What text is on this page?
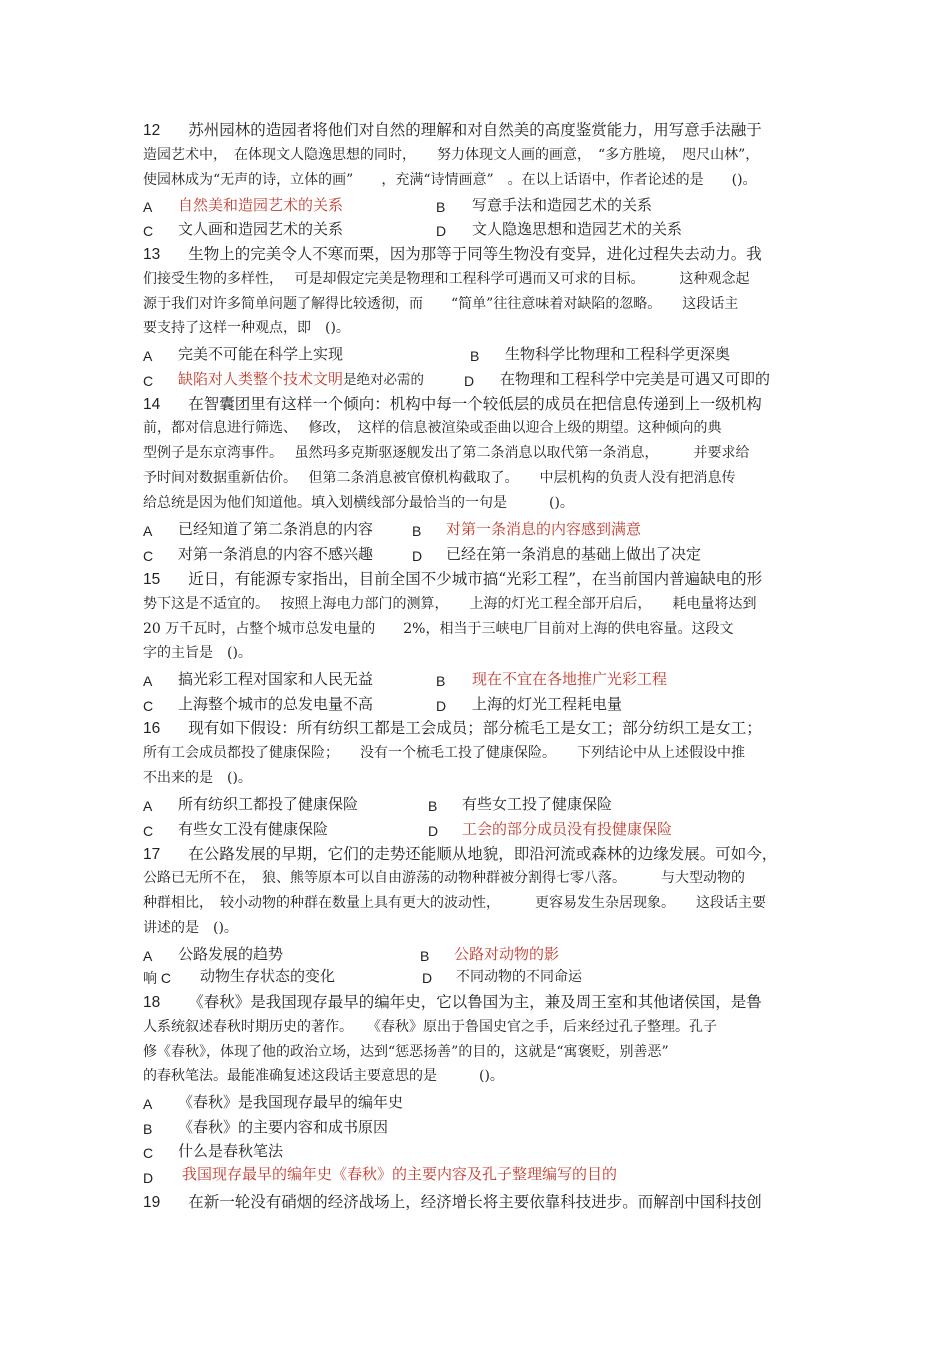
12 苏州园林的造园者将他们对自然的理解和对自然美的高度鉴赏能力，用写意手法融于
造园艺术中，　在体现文人隐逸思想的同时，　　努力体现文人画的画意，　“多方胜境，　咫尺山林”，
使园林成为“无声的诗，立体的画”　　，充满“诗情画意”　。在以上话语中，作者论述的是　　()。
A 自然美和造园艺术的关系	B 写意手法和造园艺术的关系
C 文人画和造园艺术的关系	D 文人隐逸思想和造园艺术的关系
13 生物上的完美令人不寒而栗，因为那等于同等生物没有变异，进化过程失去动力。我
们接受生物的多样性，　 可是却假定完美是物理和工程科学可遇而又可求的目标。　　　这种观念起
源于我们对许多简单问题了解得比较透彻，而　　“简单”往往意味着对缺陷的忽略。　　这段话主
要支持了这样一种观点，即　()。
A 完美不可能在科学上实现	B 生物科学比物理和工程科学更深奥
C 缺陷对人类整个技术文明是绝对必需的	D 在物理和工程科学中完美是可遇又可即的
14 在智囊团里有这样一个倾向：机构中每一个较低层的成员在把信息传递到上一级机构
前，都对信息进行筛选、　 修改，　这样的信息被渲染或歪曲以迎合上级的期望。这种倾向的典
型例子是东京湾事件。　 虽然玛多克斯驱逐舰发出了第二条消息以取代第一条消息，　　　并要求给
予时间对数据重新估价。　 但第二条消息被官僚机构截取了。　　中层机构的负责人没有把消息传
给总统是因为他们知道他。填入划横线部分最恰当的一句是　　　()。
A 已经知道了第二条消息的内容	B 对第一条消息的内容感到满意
C 对第一条消息的内容不感兴趣	D 已经在第一条消息的基础上做出了决定
15 近日，有能源专家指出，目前全国不少城市搞“光彩工程”，在当前国内普遍缺电的形
势下这是不适宜的。　 按照上海电力部门的测算，　　上海的灯光工程全部开启后，　　耗电量将达到
20 万千瓦时，占整个城市总发电量的　　2%，相当于三峡电厂目前对上海的供电容量。这段文
字的主旨是　()。
A 搞光彩工程对国家和人民无益	B 现在不宜在各地推广光彩工程
C 上海整个城市的总发电量不高	D 上海的灯光工程耗电量
16 现有如下假设：所有纺织工都是工会成员；部分梳毛工是女工；部分纺织工是女工；
所有工会成员都投了健康保险；　　没有一个梳毛工投了健康保险。　　下列结论中从上述假设中推
不出来的是　()。
A 所有纺织工都投了健康保险	B 有些女工投了健康保险
C 有些女工没有健康保险	D 工会的部分成员没有投健康保险
17 在公路发展的早期，它们的走势还能顺从地貌，即沿河流或森林的边缘发展。可如今，
公路已无所不在，　狼、熊等原本可以自由游荡的动物种群被分割得七零八落。　　　与大型动物的
种群相比，　较小动物的种群在数量上具有更大的波动性，　　　更容易发生杂居现象。　　这段话主要
讲述的是　()。
A 公路发展的趋势	B 公路对动物的影
响 C 动物生存状态的变化	D 不同动物的不同命运
18 《春秋》是我国现存最早的编年史，它以鲁国为主，兼及周王室和其他诸侯国，是鲁
人系统叙述春秋时期历史的著作。　　《春秋》原出于鲁国史官之手，后来经过孔子整理。孔子
修《春秋》，体现了他的政治立场，达到“惩恶扬善”的目的，这就是“寓褒贬，别善恶”
的春秋笔法。最能准确复述这段话主要意思的是　　　()。
A 《春秋》是我国现存最早的编年史
B 《春秋》的主要内容和成书原因
C 什么是春秋笔法
D 我国现存最早的编年史《春秋》的主要内容及孔子整理编写的目的
19 在新一轮没有硝烟的经济战场上，经济增长将主要依靠科技进步。而解剖中国科技创
